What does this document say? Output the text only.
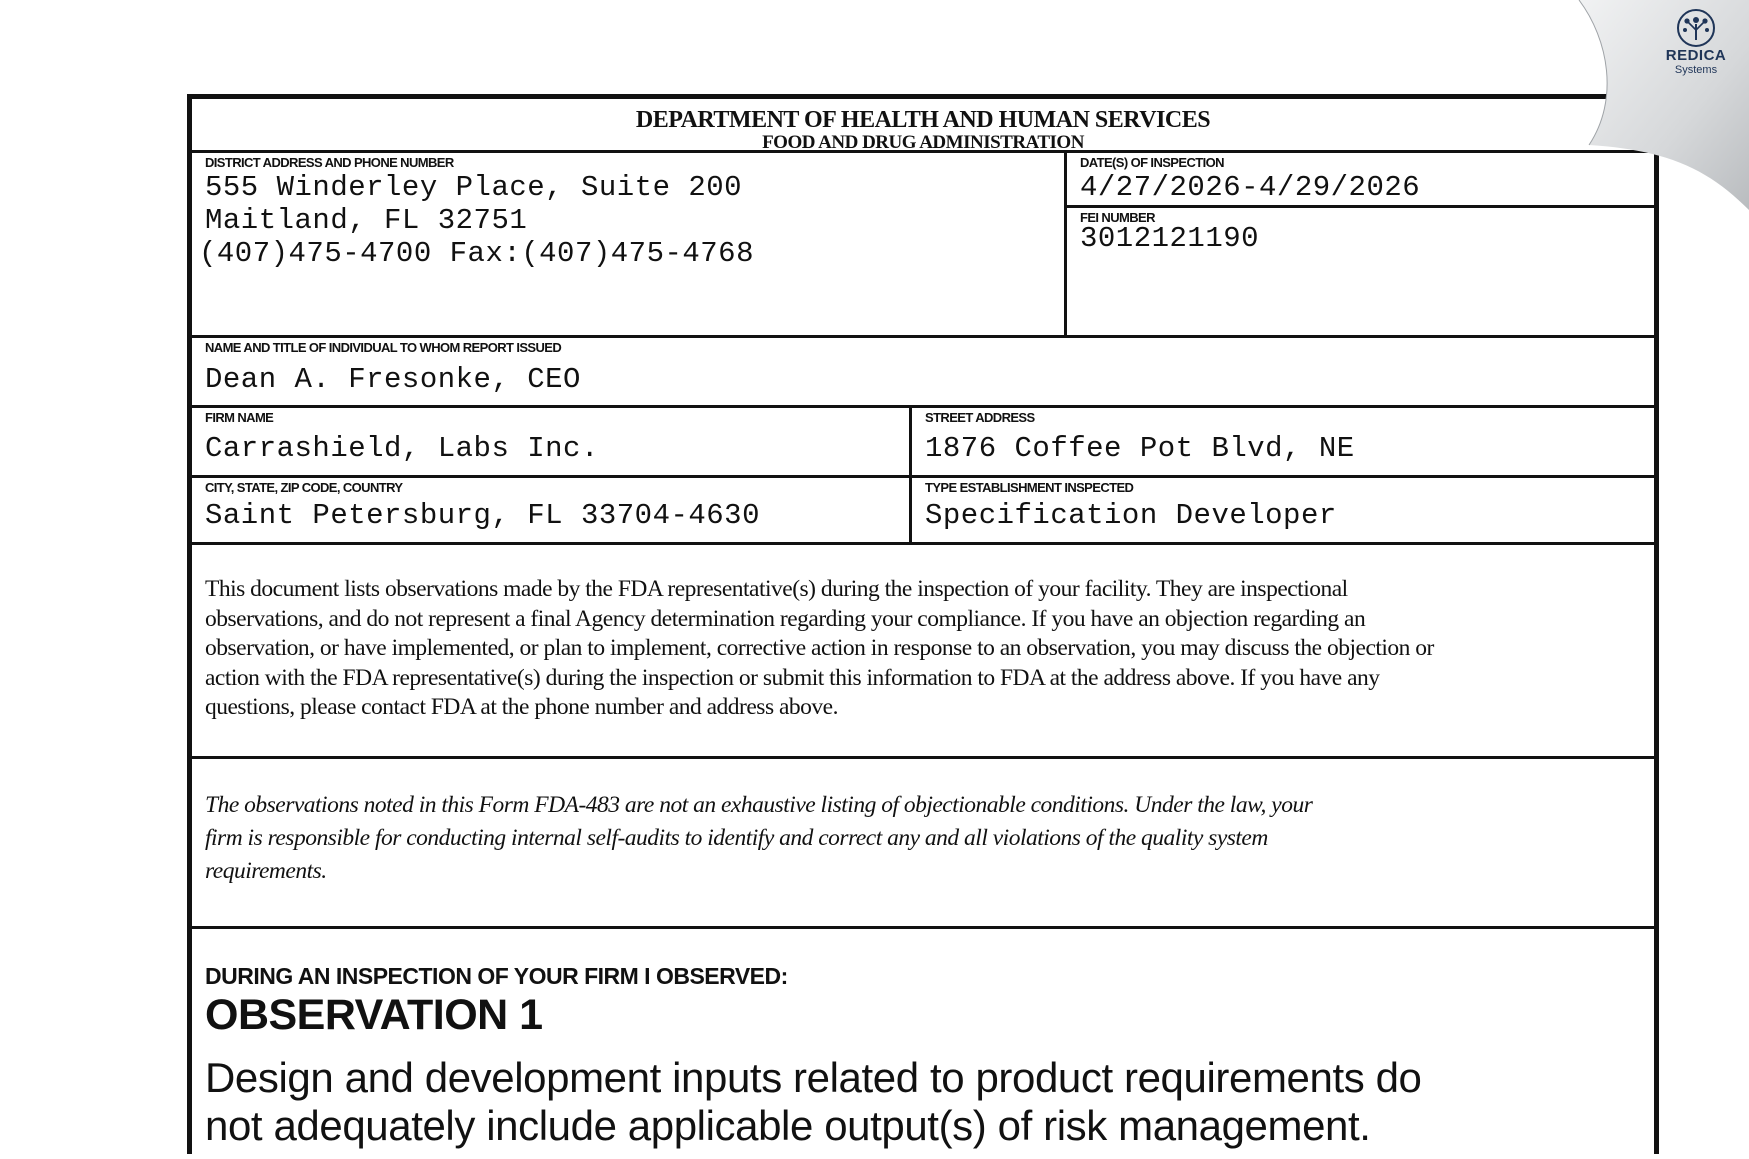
DEPARTMENT OF HEALTH AND HUMAN SERVICES
FOOD AND DRUG ADMINISTRATION
DISTRICT ADDRESS AND PHONE NUMBER
555 Winderley Place, Suite 200
Maitland, FL 32751
(407)475-4700 Fax:(407)475-4768
DATE(S) OF INSPECTION
4/27/2026-4/29/2026
FEI NUMBER
3012121190
NAME AND TITLE OF INDIVIDUAL TO WHOM REPORT ISSUED
Dean A. Fresonke, CEO
FIRM NAME
Carrashield, Labs Inc.
STREET ADDRESS
1876 Coffee Pot Blvd, NE
CITY, STATE, ZIP CODE, COUNTRY
Saint Petersburg, FL 33704-4630
TYPE ESTABLISHMENT INSPECTED
Specification Developer
This document lists observations made by the FDA representative(s) during the inspection of your facility. They are inspectional
observations, and do not represent a final Agency determination regarding your compliance. If you have an objection regarding an
observation, or have implemented, or plan to implement, corrective action in response to an observation, you may discuss the objection or
action with the FDA representative(s) during the inspection or submit this information to FDA at the address above. If you have any
questions, please contact FDA at the phone number and address above.
The observations noted in this Form FDA-483 are not an exhaustive listing of objectionable conditions. Under the law, your
firm is responsible for conducting internal self-audits to identify and correct any and all violations of the quality system
requirements.
DURING AN INSPECTION OF YOUR FIRM I OBSERVED:
OBSERVATION 1
Design and development inputs related to product requirements do
not adequately include applicable output(s) of risk management.
REDICA
Systems
